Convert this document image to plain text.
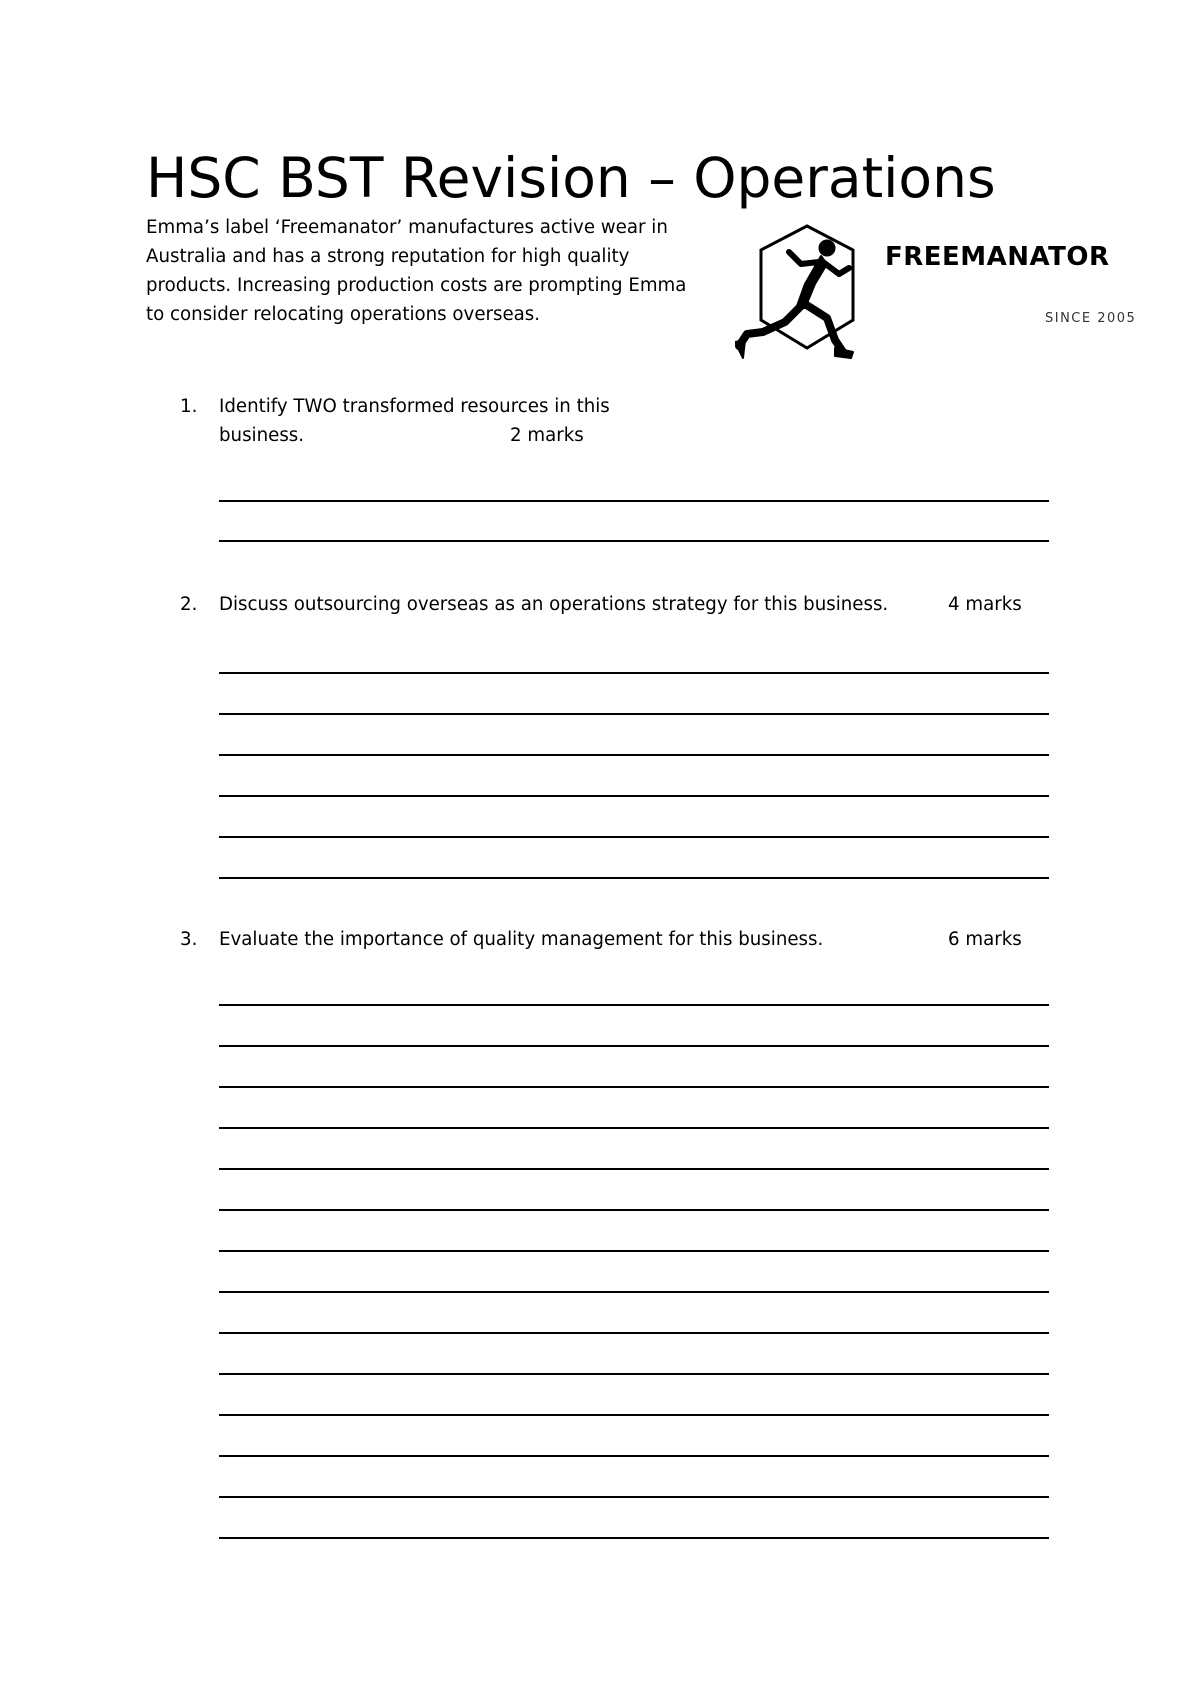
HSC BST Revision – Operations
Emma’s label ‘Freemanator’ manufactures active wear in Australia and has a strong reputation for high quality products. Increasing production costs are prompting Emma to consider relocating operations overseas.
FREEMANATOR
SINCE 2005
1. Identify TWO transformed resources in this business.	2 marks
2. Discuss outsourcing overseas as an operations strategy for this business.	4 marks
3. Evaluate the importance of quality management for this business.	6 marks
